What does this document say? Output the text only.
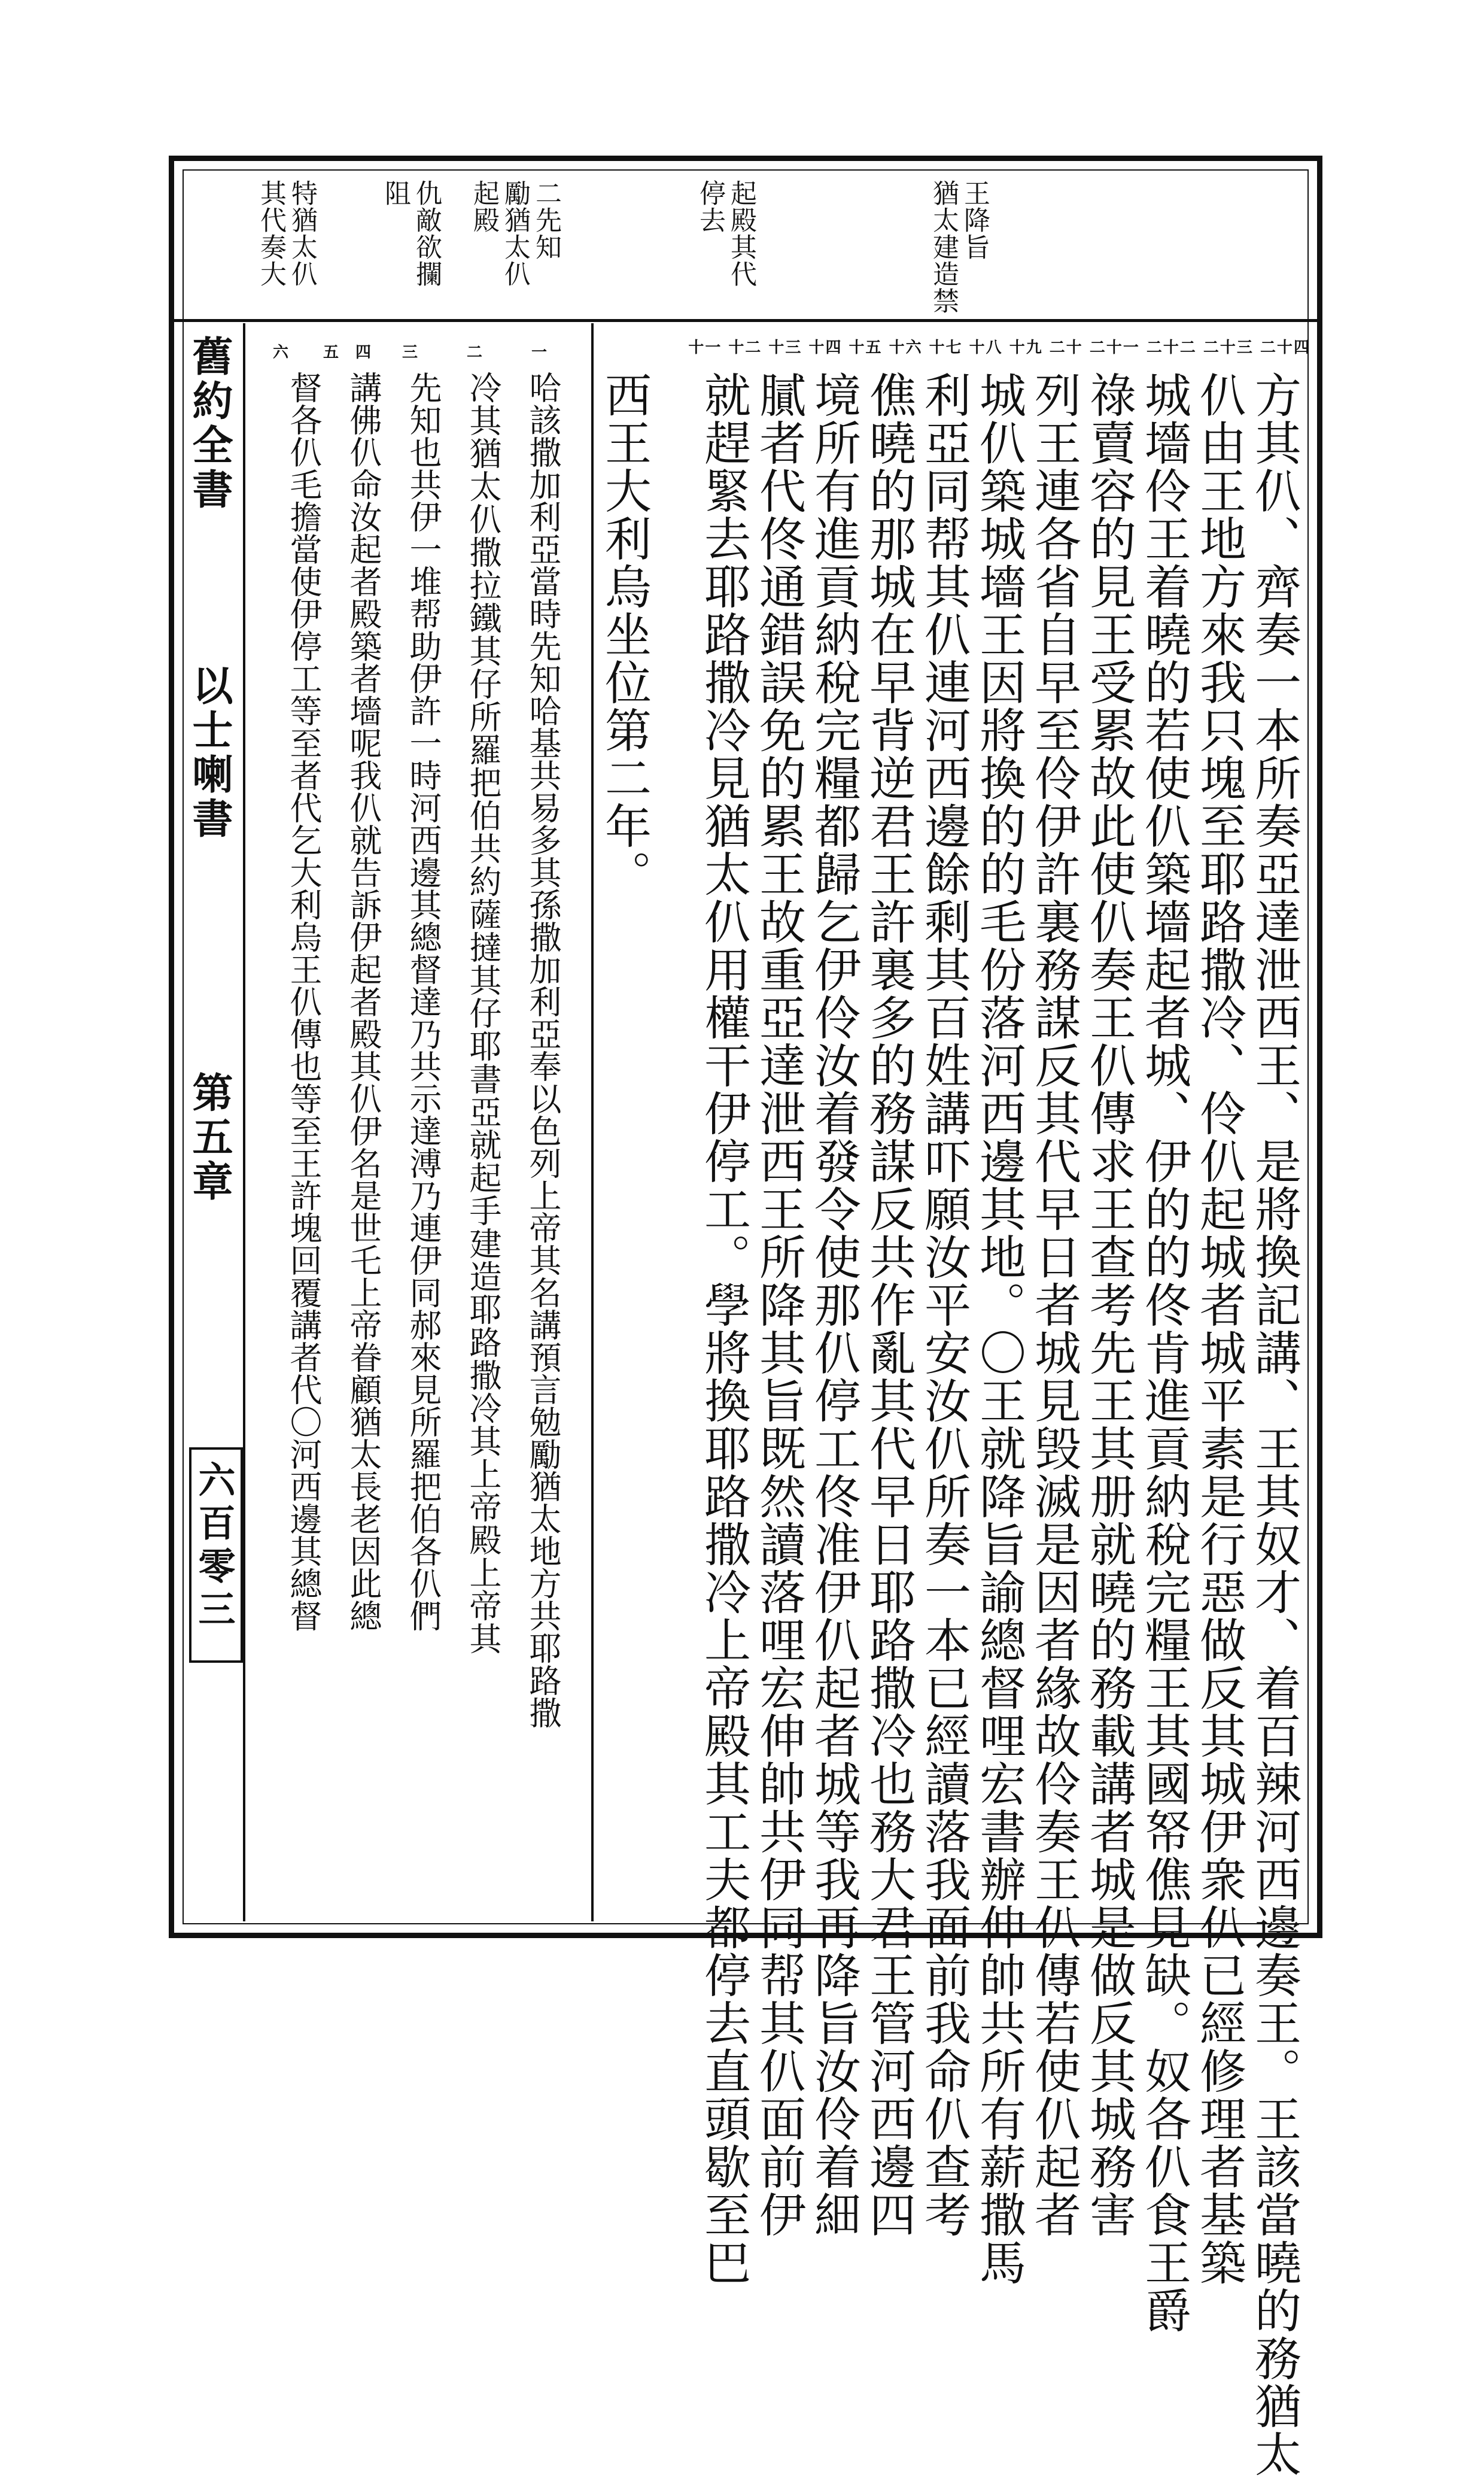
舊約全書
以士喇書
第五章
六百零三
王降旨
猶太建造禁
起殿其代
停去
二先知
勵猶太仈
起殿
仇敵欲攔
阻
特猶太仈
其代奏大
十一 十二 十三 十四 十五 十六 十七 十八 十九 二十 二十一 二十二 二十三 二十四
方其仈、齊奏一本所奏亞達泄西王、是將換記講、王其奴才、着百辣河西邊奏王。王該當曉的務猶太
仈由王地方來我只塊至耶路撒冷、伶仈起城者城平素是行惡做反其城伊衆仈已經修理者基築
城墻伶王着曉的若使仈築墻起者城、伊的的佟肯進貢納稅完糧王其國帑僬見缺。奴各仈食王爵
祿賣容的見王受累故此使仈奏王仈傳求王查考先王其册就曉的務載講者城是做反其城務害
列王連各省自早至伶伊許裏務謀反其代早日者城見毁滅是因者緣故伶奏王仈傳若使仈起者
城仈築城墻王因將換的的毛份落河西邊其地。〇王就降旨諭總督哩宏書辦伸帥共所有薪撒馬
利亞同帮其仈連河西邊餘剩其百姓講吓願汝平安汝仈所奏一本已經讀落我面前我命仈查考
僬曉的那城在早背逆君王許裏多的務謀反共作亂其代早日耶路撒冷也務大君王管河西邊四
境所有進貢納稅完糧都歸乞伊伶汝着發令使那仈停工佟准伊仈起者城等我再降旨汝伶着細
膩者代佟通錯誤免的累王故重亞達泄西王所降其旨既然讀落哩宏伸帥共伊同帮其仈面前伊
就趕緊去耶路撒冷見猶太仈用權干伊停工。學將換耶路撒冷上帝殿其工夫都停去直頭歇至巴
西王大利烏坐位第二年。
一
二
三
四
五
六
哈該撒加利亞當時先知哈基共易多其孫撒加利亞奉以色列上帝其名講預言勉勵猶太地方共耶路撒
冷其猶太仈撒拉鐵其仔所羅把伯共約薩撻其仔耶書亞就起手建造耶路撒冷其上帝殿上帝其
先知也共伊一堆帮助伊許一時河西邊其總督達乃共示達溥乃連伊同郝來見所羅把伯各仈們
講佛仈命汝起者殿築者墻呢我仈就告訴伊起者殿其仈伊名是世乇上帝眷顧猶太長老因此總
督各仈毛擔當使伊停工等至者代乞大利烏王仈傳也等至王許塊回覆講者代〇河西邊其總督
